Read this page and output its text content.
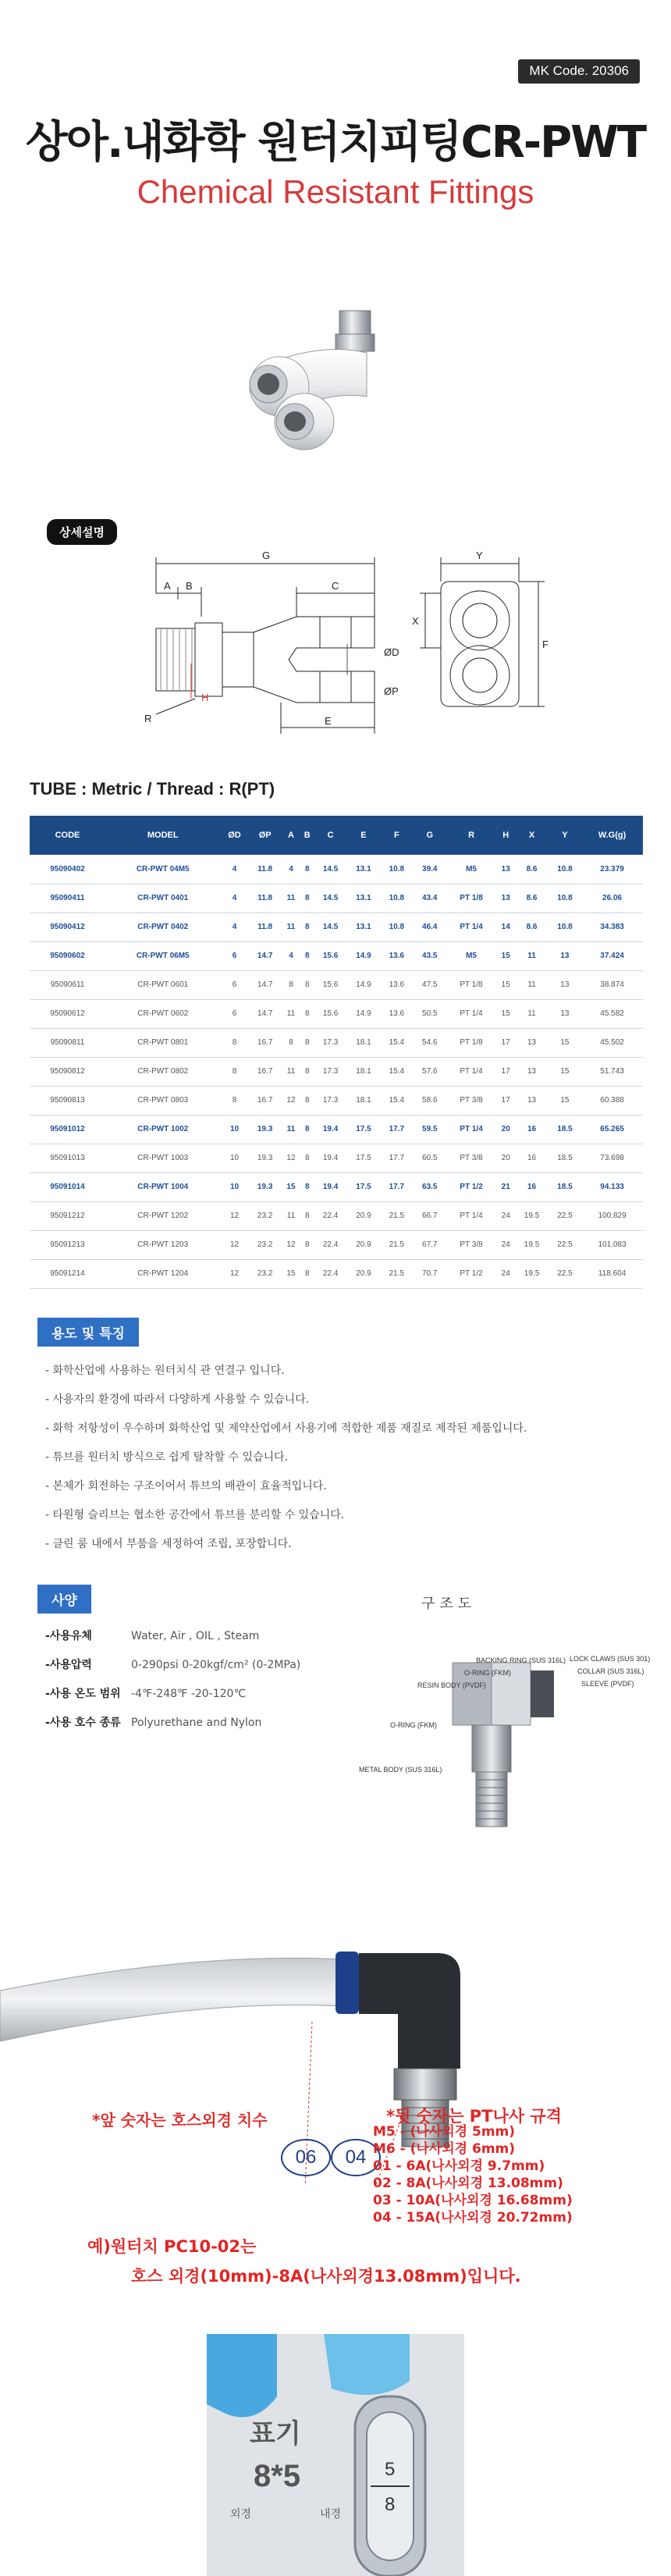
MK Code. 20306
상아.내화학 원터치피팅CR-PWT
Chemical Resistant Fittings
상세설명
G
A B	C
H
R	E
Y
X
F
ØD
ØP
TUBE : Metric / Thread : R(PT)
CODE	MODEL	ØD	ØP	A	B	C	E	F	G	R	H	X	Y	W.G(g)
95090402	CR-PWT 04M5	4	11.8	4	8	14.5	13.1	10.8	39.4	M5	13	8.6	10.8	23.379
95090411	CR-PWT 0401	4	11.8	11	8	14.5	13.1	10.8	43.4	PT 1/8	13	8.6	10.8	26.06
95090412	CR-PWT 0402	4	11.8	11	8	14.5	13.1	10.8	46.4	PT 1/4	14	8.6	10.8	34.383
95090602	CR-PWT 06M5	6	14.7	4	8	15.6	14.9	13.6	43.5	M5	15	11	13	37.424
95090611	CR-PWT 0601	6	14.7	8	8	15.6	14.9	13.6	47.5	PT 1/8	15	11	13	38.874
95090612	CR-PWT 0602	6	14.7	11	8	15.6	14.9	13.6	50.5	PT 1/4	15	11	13	45.582
95090811	CR-PWT 0801	8	16.7	8	8	17.3	18.1	15.4	54.6	PT 1/8	17	13	15	45.502
95090812	CR-PWT 0802	8	16.7	11	8	17.3	18.1	15.4	57.6	PT 1/4	17	13	15	51.743
95090813	CR-PWT 0803	8	16.7	12	8	17.3	18.1	15.4	58.6	PT 3/8	17	13	15	60.388
95091012	CR-PWT 1002	10	19.3	11	8	19.4	17.5	17.7	59.5	PT 1/4	20	16	18.5	65.265
95091013	CR-PWT 1003	10	19.3	12	8	19.4	17.5	17.7	60.5	PT 3/8	20	16	18.5	73.698
95091014	CR-PWT 1004	10	19.3	15	8	19.4	17.5	17.7	63.5	PT 1/2	21	16	18.5	94.133
95091212	CR-PWT 1202	12	23.2	11	8	22.4	20.9	21.5	66.7	PT 1/4	24	19.5	22.5	100.829
95091213	CR-PWT 1203	12	23.2	12	8	22.4	20.9	21.5	67.7	PT 3/8	24	19.5	22.5	101.083
95091214	CR-PWT 1204	12	23.2	15	8	22.4	20.9	21.5	70.7	PT 1/2	24	19.5	22.5	118.604
용도 및 특징
- 화학산업에 사용하는 원터치식 관 연결구 입니다.
- 사용자의 환경에 따라서 다양하게 사용할 수 있습니다.
- 화학 저항성이 우수하며 화학산업 및 제약산업에서 사용기에 적합한 제품 재질로 제작된 제품입니다.
- 튜브를 원터치 방식으로 쉽게 탈착할 수 있습니다.
- 본체가 회전하는 구조이어서 튜브의 배관이 효율적입니다.
- 타원형 슬리브는 협소한 공간에서 튜브를 분리할 수 있습니다.
- 클린 룸 내에서 부품을 세정하여 조립, 포장합니다.
사양
-사용유체	Water, Air , OIL , Steam
-사용압력	0-290psi 0-20kgf/cm² (0-2MPa)
-사용 온도 범위 -4℉-248℉ -20-120℃
-사용 호수 종류 Polyurethane and Nylon
구조도
BACKING RING (SUS 316L)
O-RING (FKM)
RESIN BODY (PVDF)
LOCK CLAWS (SUS 301)
COLLAR (SUS 316L)
SLEEVE (PVDF)
O-RING (FKM)
METAL BODY (SUS 316L)
*앞 숫자는 호스외경 치수
06	04
*뒷 숫자는 PT나사 규격
M5 - (나사외경 5mm)
M6 - (나사외경 6mm)
01 - 6A(나사외경 9.7mm)
02 - 8A(나사외경 13.08mm)
03 - 10A(나사외경 16.68mm)
04 - 15A(나사외경 20.72mm)
예)원터치 PC10-02는
호스 외경(10mm)-8A(나사외경13.08mm)입니다.
표기
8*5
외경	내경
5
8
